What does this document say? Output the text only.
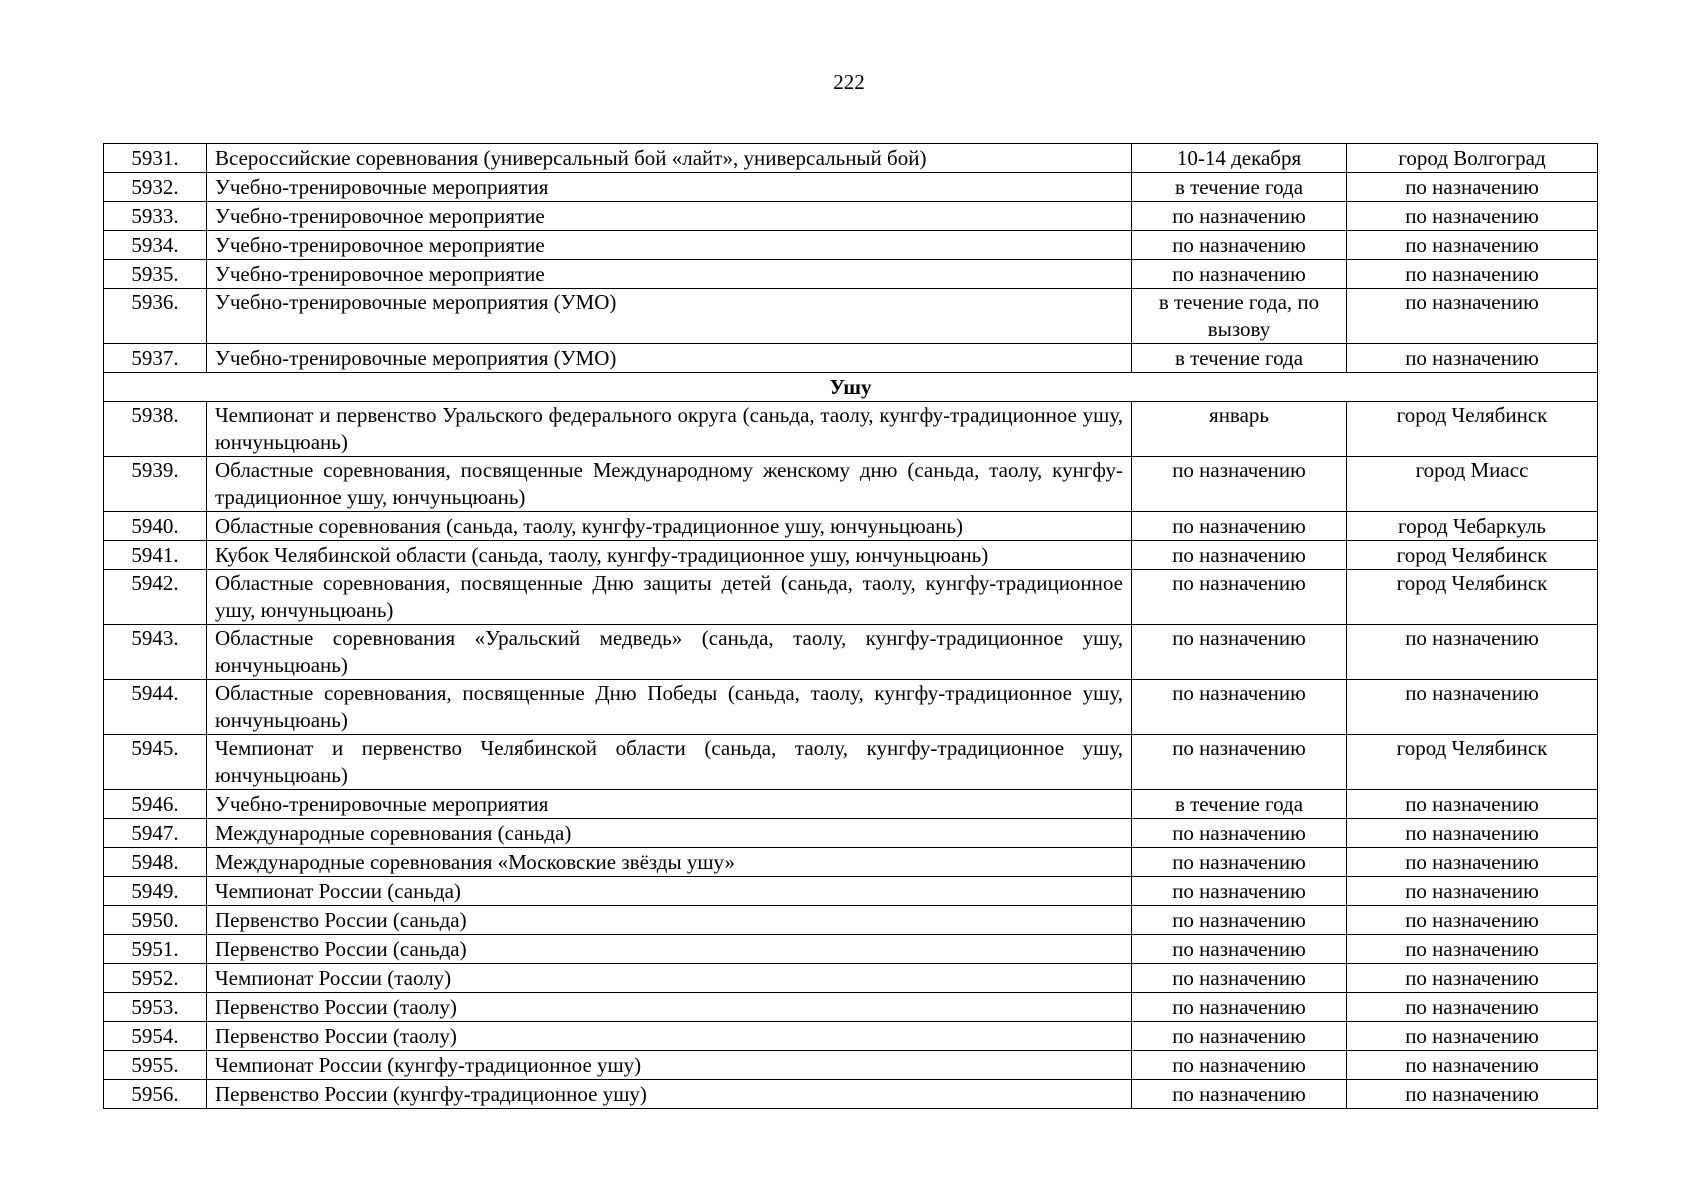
222
5931.	Всероссийские соревнования (универсальный бой «лайт», универсальный бой)	10-14 декабря	город Волгоград
5932.	Учебно-тренировочные мероприятия	в течение года	по назначению
5933.	Учебно-тренировочное мероприятие	по назначению	по назначению
5934.	Учебно-тренировочное мероприятие	по назначению	по назначению
5935.	Учебно-тренировочное мероприятие	по назначению	по назначению
5936.	Учебно-тренировочные мероприятия (УМО)	в течение года, по вызову	по назначению
5937.	Учебно-тренировочные мероприятия (УМО)	в течение года	по назначению
Ушу			
5938.	Чемпионат и первенство Уральского федерального округа (саньда, таолу, кунгфу-традиционное ушу, юнчуньцюань)	январь	город Челябинск
5939.	Областные соревнования, посвященные Международному женскому дню (саньда, таолу, кунгфу-традиционное ушу, юнчуньцюань)	по назначению	город Миасс
5940.	Областные соревнования (саньда, таолу, кунгфу-традиционное ушу, юнчуньцюань)	по назначению	город Чебаркуль
5941.	Кубок Челябинской области (саньда, таолу, кунгфу-традиционное ушу, юнчуньцюань)	по назначению	город Челябинск
5942.	Областные соревнования, посвященные Дню защиты детей (саньда, таолу, кунгфу-традиционное ушу, юнчуньцюань)	по назначению	город Челябинск
5943.	Областные соревнования «Уральский медведь» (саньда, таолу, кунгфу-традиционное ушу, юнчуньцюань)	по назначению	по назначению
5944.	Областные соревнования, посвященные Дню Победы (саньда, таолу, кунгфу-традиционное ушу, юнчуньцюань)	по назначению	по назначению
5945.	Чемпионат и первенство Челябинской области (саньда, таолу, кунгфу-традиционное ушу, юнчуньцюань)	по назначению	город Челябинск
5946.	Учебно-тренировочные мероприятия	в течение года	по назначению
5947.	Международные соревнования (саньда)	по назначению	по назначению
5948.	Международные соревнования «Московские звёзды ушу»	по назначению	по назначению
5949.	Чемпионат России (саньда)	по назначению	по назначению
5950.	Первенство России (саньда)	по назначению	по назначению
5951.	Первенство России (саньда)	по назначению	по назначению
5952.	Чемпионат России (таолу)	по назначению	по назначению
5953.	Первенство России (таолу)	по назначению	по назначению
5954.	Первенство России (таолу)	по назначению	по назначению
5955.	Чемпионат России (кунгфу-традиционное ушу)	по назначению	по назначению
5956.	Первенство России (кунгфу-традиционное ушу)	по назначению	по назначению
